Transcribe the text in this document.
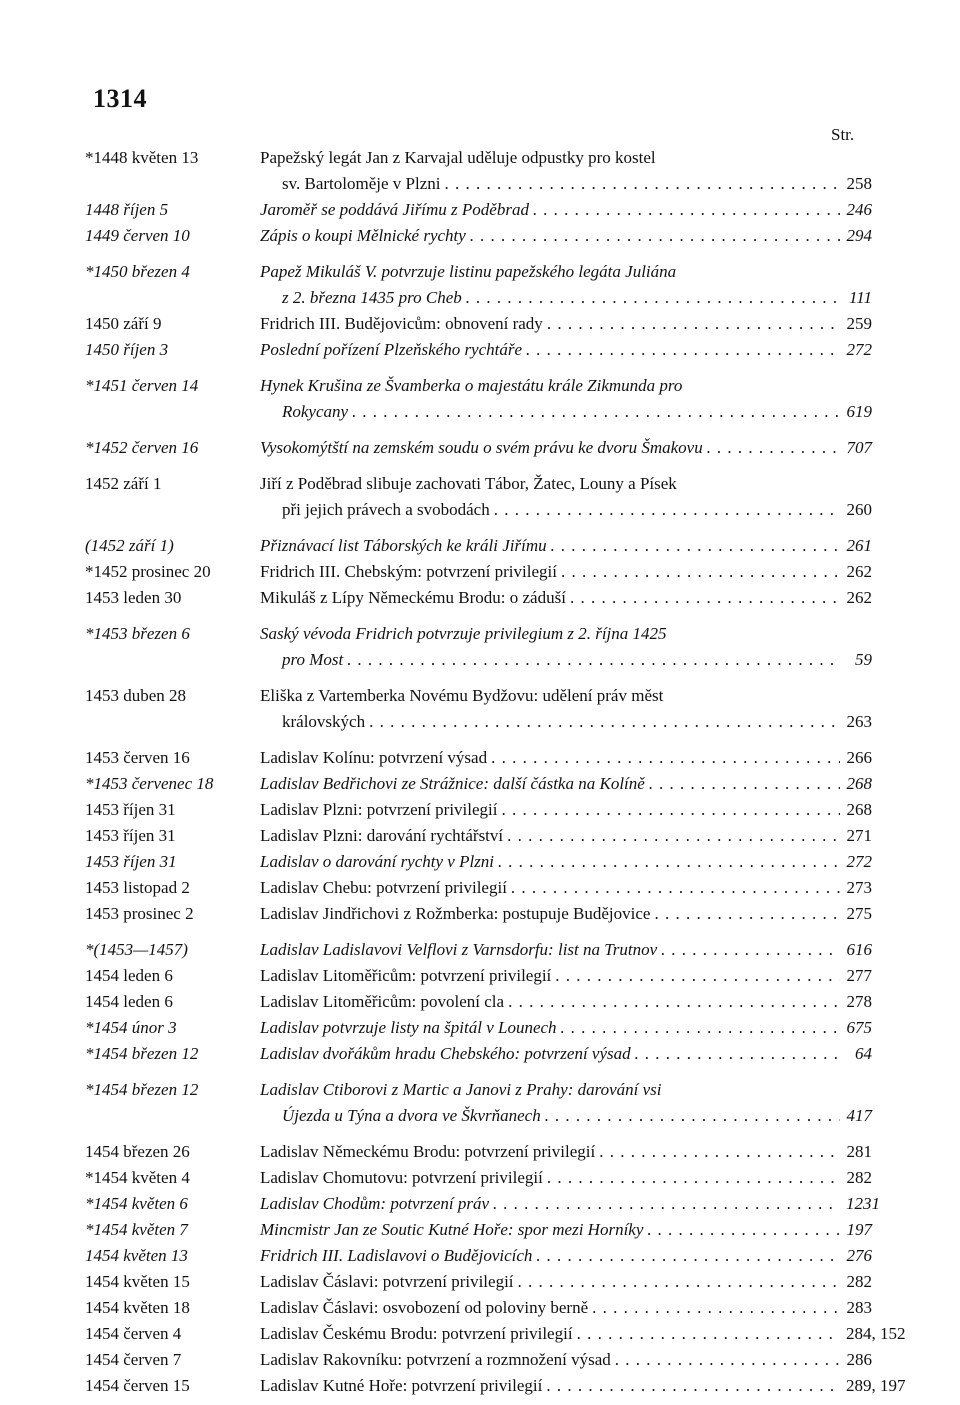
1314
Str.
*1448 květen 13	Papežský legát Jan z Karvajal uděluje odpustky pro kostel
sv. Bartoloměje v Plzni . . .	258
1448 říjen 5	Jaroměř se poddává Jiřímu z Poděbrad . . .	246
1449 červen 10	Zápis o koupi Mělnické rychty . . .	294
*1450 březen 4	Papež Mikuláš V. potvrzuje listinu papežského legáta Juliána
z 2. března 1435 pro Cheb . . .	111
1450 září 9	Fridrich III. Budějovicům: obnovení rady . . .	259
1450 říjen 3	Poslední pořízení Plzeňského rychtáře . . .	272
*1451 červen 14	Hynek Krušina ze Švamberka o majestátu krále Zikmunda pro
Rokycany . . .	619
*1452 červen 16	Vysokomýtští na zemském soudu o svém právu ke dvoru Šmakovu . . .	707
1452 září 1	Jiří z Poděbrad slibuje zachovati Tábor, Žatec, Louny a Písek
při jejich právech a svobodách . . .	260
(1452 září 1)	Přiznávací list Táborských ke králi Jiřímu . . .	261
*1452 prosinec 20	Fridrich III. Chebským: potvrzení privilegií . . .	262
1453 leden 30	Mikuláš z Lípy Německému Brodu: o záduší . . .	262
*1453 březen 6	Saský vévoda Fridrich potvrzuje privilegium z 2. října 1425
pro Most . . .	59
1453 duben 28	Eliška z Vartemberka Novému Bydžovu: udělení práv měst
královských . . .	263
1453 červen 16	Ladislav Kolínu: potvrzení výsad . . .	266
*1453 červenec 18	Ladislav Bedřichovi ze Strážnice: další částka na Kolíně . . .	268
1453 říjen 31	Ladislav Plzni: potvrzení privilegií . . .	268
1453 říjen 31	Ladislav Plzni: darování rychtářství . . .	271
1453 říjen 31	Ladislav o darování rychty v Plzni . . .	272
1453 listopad 2	Ladislav Chebu: potvrzení privilegií . . .	273
1453 prosinec 2	Ladislav Jindřichovi z Rožmberka: postupuje Budějovice . . .	275
*(1453—1457)	Ladislav Ladislavovi Velflovi z Varnsdorfu: list na Trutnov . . .	616
1454 leden 6	Ladislav Litoměřicům: potvrzení privilegií . . .	277
1454 leden 6	Ladislav Litoměřicům: povolení cla . . .	278
*1454 únor 3	Ladislav potvrzuje listy na špitál v Lounech . . .	675
*1454 březen 12	Ladislav dvořákům hradu Chebského: potvrzení výsad . . .	64
*1454 březen 12	Ladislav Ctiborovi z Martic a Janovi z Prahy: darování vsi
Újezda u Týna a dvora ve Škvrňanech . . .	417
1454 březen 26	Ladislav Německému Brodu: potvrzení privilegií . . .	281
*1454 květen 4	Ladislav Chomutovu: potvrzení privilegií . . .	282
*1454 květen 6	Ladislav Chodům: potvrzení práv . . .	1231
*1454 květen 7	Mincmistr Jan ze Soutic Kutné Hoře: spor mezi Horníky . . .	197
1454 květen 13	Fridrich III. Ladislavovi o Budějovicích . . .	276
1454 květen 15	Ladislav Čáslavi: potvrzení privilegií . . .	282
1454 květen 18	Ladislav Čáslavi: osvobození od poloviny berně . . .	283
1454 červen 4	Ladislav Českému Brodu: potvrzení privilegií . . .	284, 152
1454 červen 7	Ladislav Rakovníku: potvrzení a rozmnožení výsad . . .	286
1454 červen 15	Ladislav Kutné Hoře: potvrzení privilegií . . .	289, 197
